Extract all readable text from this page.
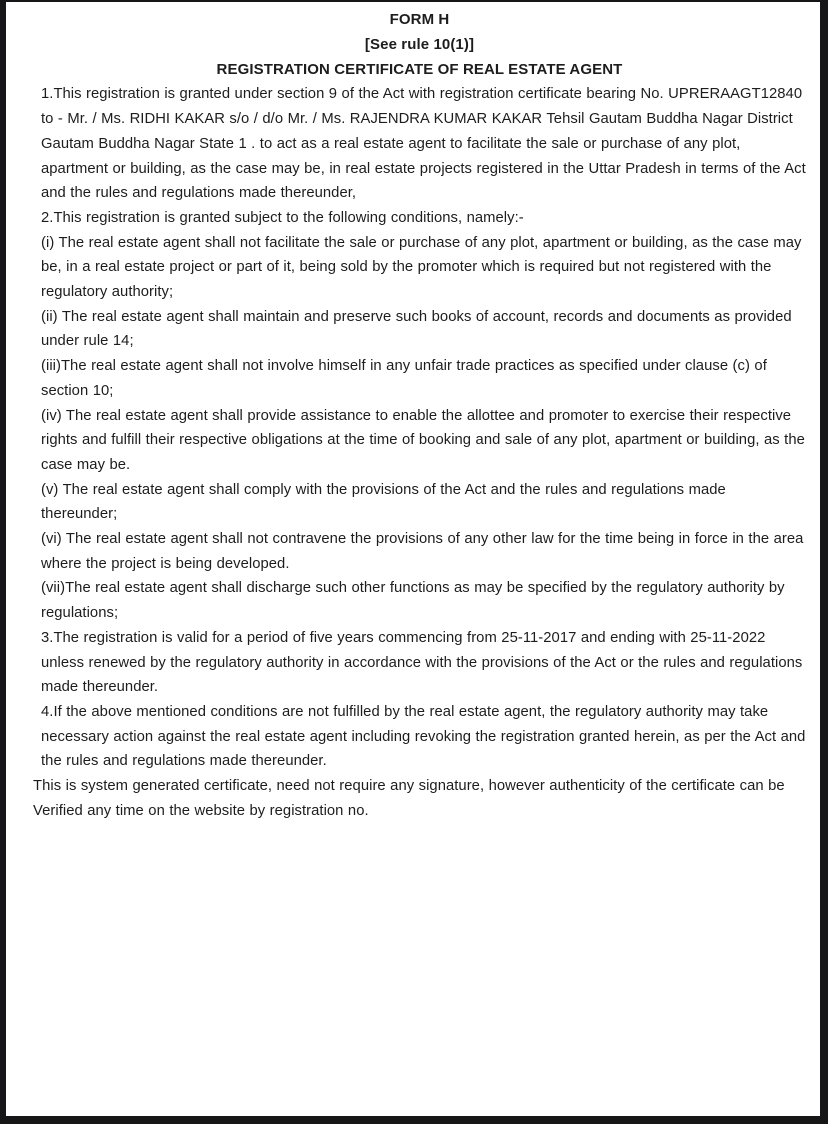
FORM H
[See rule 10(1)]
REGISTRATION CERTIFICATE OF REAL ESTATE AGENT
1.This registration is granted under section 9 of the Act with registration certificate bearing No. UPRERAAGT12840 to - Mr. / Ms. RIDHI KAKAR s/o / d/o Mr. / Ms. RAJENDRA KUMAR KAKAR Tehsil Gautam Buddha Nagar District Gautam Buddha Nagar State 1 . to act as a real estate agent to facilitate the sale or purchase of any plot, apartment or building, as the case may be, in real estate projects registered in the Uttar Pradesh in terms of the Act and the rules and regulations made thereunder,
2.This registration is granted subject to the following conditions, namely:-
(i) The real estate agent shall not facilitate the sale or purchase of any plot, apartment or building, as the case may be, in a real estate project or part of it, being sold by the promoter which is required but not registered with the regulatory authority;
(ii) The real estate agent shall maintain and preserve such books of account, records and documents as provided under rule 14;
(iii)The real estate agent shall not involve himself in any unfair trade practices as specified under clause (c) of section 10;
(iv) The real estate agent shall provide assistance to enable the allottee and promoter to exercise their respective rights and fulfill their respective obligations at the time of booking and sale of any plot, apartment or building, as the case may be.
(v) The real estate agent shall comply with the provisions of the Act and the rules and regulations made thereunder;
(vi) The real estate agent shall not contravene the provisions of any other law for the time being in force in the area where the project is being developed.
(vii)The real estate agent shall discharge such other functions as may be specified by the regulatory authority by regulations;
3.The registration is valid for a period of five years commencing from 25-11-2017 and ending with 25-11-2022 unless renewed by the regulatory authority in accordance with the provisions of the Act or the rules and regulations made thereunder.
4.If the above mentioned conditions are not fulfilled by the real estate agent, the regulatory authority may take necessary action against the real estate agent including revoking the registration granted herein, as per the Act and the rules and regulations made thereunder.
This is system generated certificate, need not require any signature, however authenticity of the certificate can be Verified any time on the website by registration no.
